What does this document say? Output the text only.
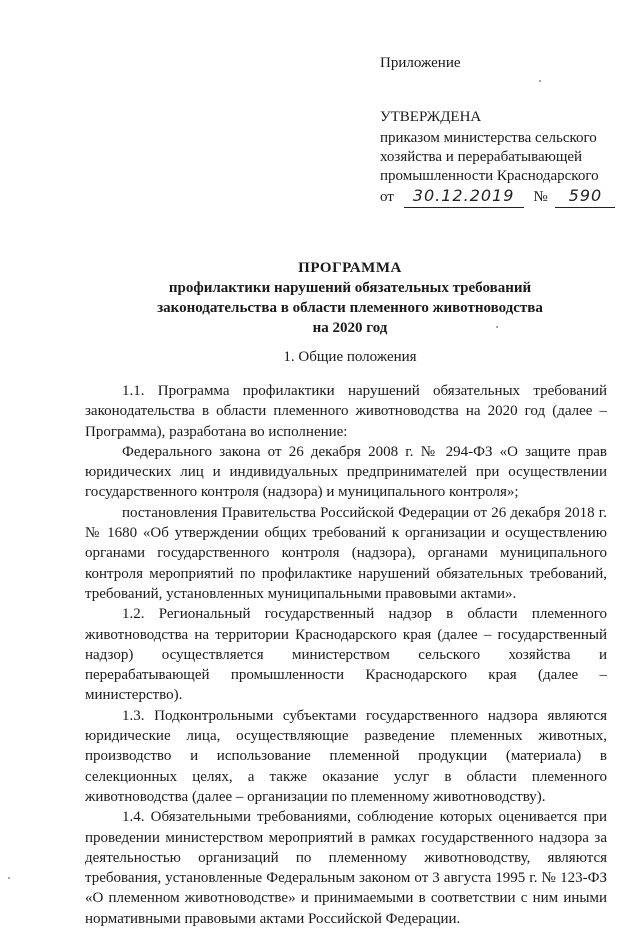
Приложение
УТВЕРЖДЕНА
приказом министерства сельского
хозяйства и перерабатывающей
промышленности Краснодарского
от 30.12.2019 № 590
ПРОГРАММА
профилактики нарушений обязательных требований
законодательства в области племенного животноводства
на 2020 год
1. Общие положения

1.1. Программа профилактики нарушений обязательных требований законодательства в области племенного животноводства на 2020 год (далее – Программа), разработана во исполнение:

Федерального закона от 26 декабря 2008 г. № 294-ФЗ «О защите прав юридических лиц и индивидуальных предпринимателей при осуществлении государственного контроля (надзора) и муниципального контроля»;

постановления Правительства Российской Федерации от 26 декабря 2018 г. № 1680 «Об утверждении общих требований к организации и осуществлению органами государственного контроля (надзора), органами муниципального контроля мероприятий по профилактике нарушений обязательных требований, требований, установленных муниципальными правовыми актами».

1.2. Региональный государственный надзор в области племенного животноводства на территории Краснодарского края (далее – государственный надзор) осуществляется министерством сельского хозяйства и перерабатывающей промышленности Краснодарского края (далее – министерство).

1.3. Подконтрольными субъектами государственного надзора являются юридические лица, осуществляющие разведение племенных животных, производство и использование племенной продукции (материала) в селекционных целях, а также оказание услуг в области племенного животноводства (далее – организации по племенному животноводству).

1.4. Обязательными требованиями, соблюдение которых оценивается при проведении министерством мероприятий в рамках государственного надзора за деятельностью организаций по племенному животноводству, являются требования, установленные Федеральным законом от 3 августа 1995 г. № 123-ФЗ «О племенном животноводстве» и принимаемыми в соответствии с ним иными нормативными правовыми актами Российской Федерации.
